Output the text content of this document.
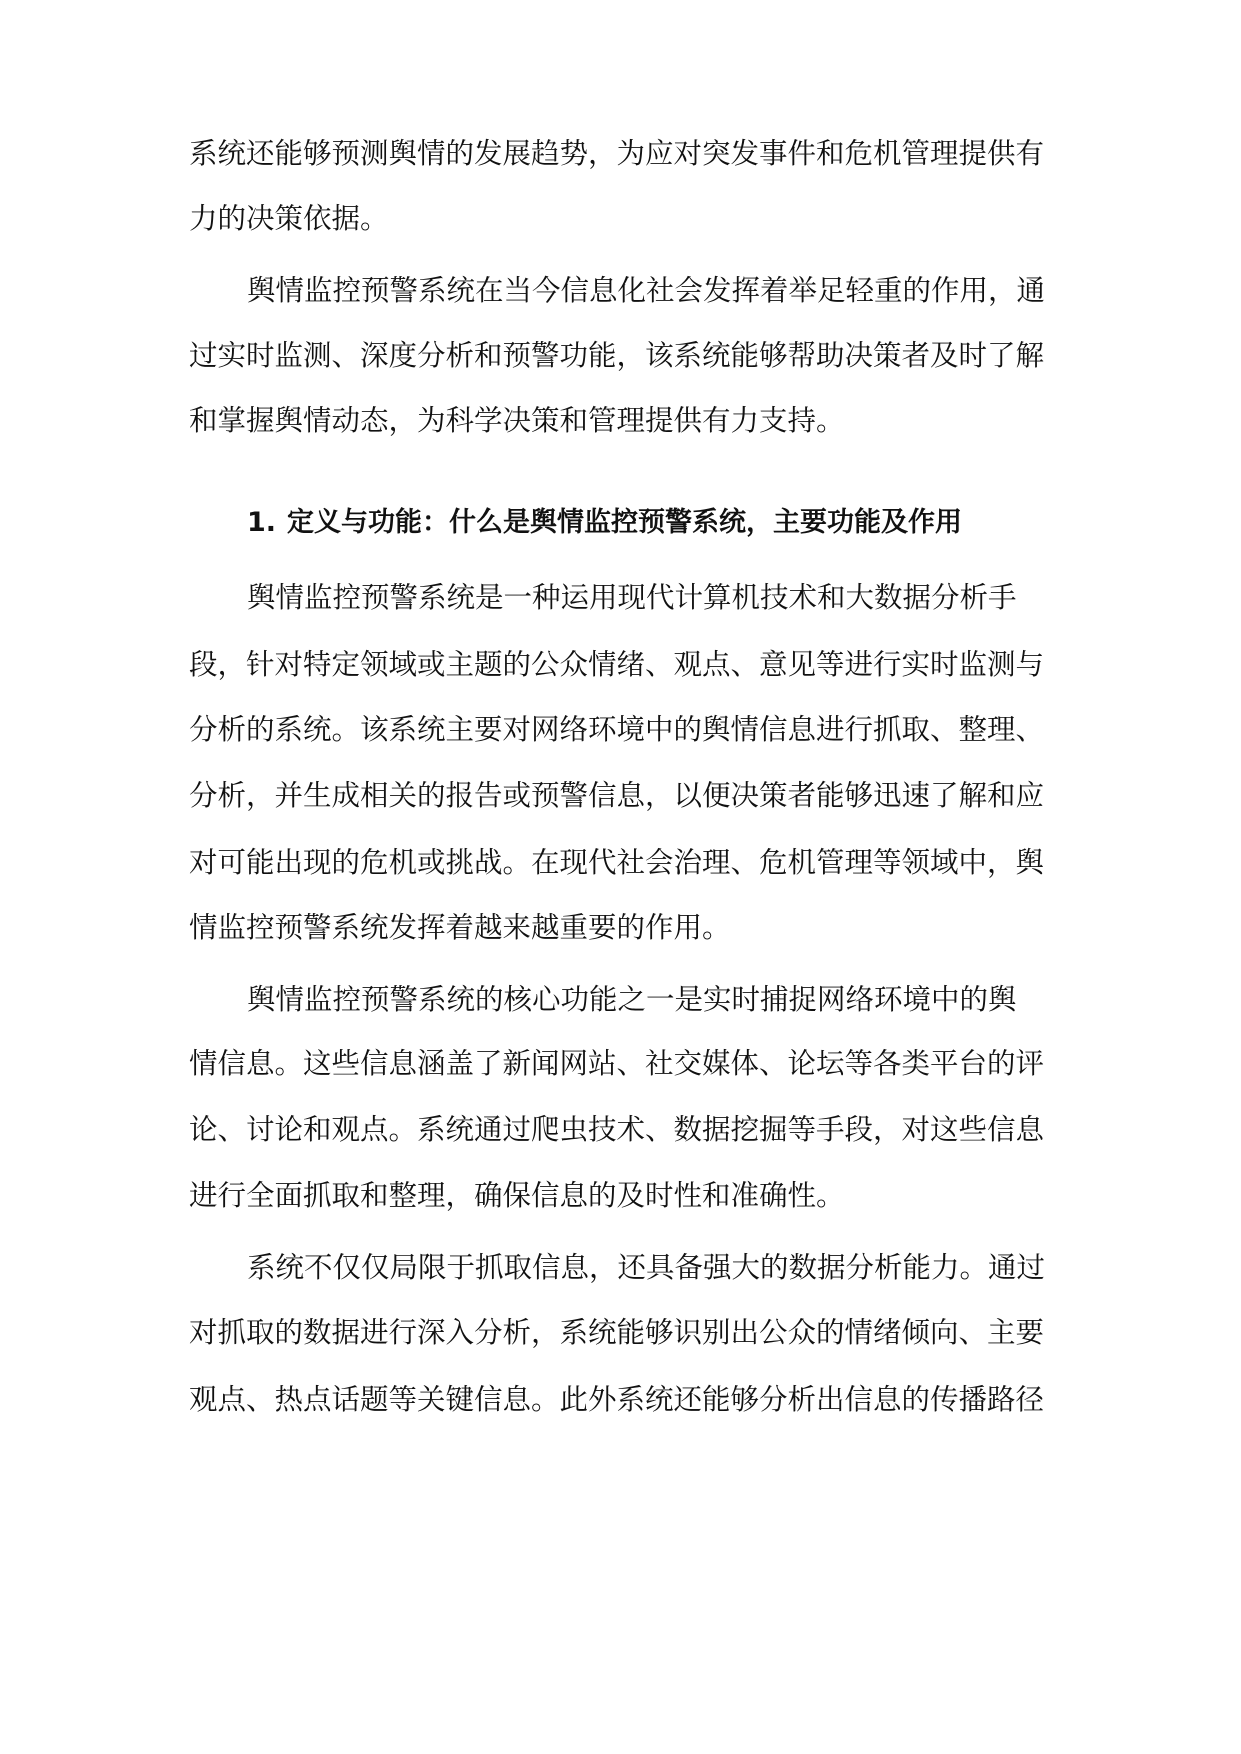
系统还能够预测舆情的发展趋势，为应对突发事件和危机管理提供有
力的决策依据。
舆情监控预警系统在当今信息化社会发挥着举足轻重的作用，通
过实时监测、深度分析和预警功能，该系统能够帮助决策者及时了解
和掌握舆情动态，为科学决策和管理提供有力支持。
1. 定义与功能：什么是舆情监控预警系统，主要功能及作用
舆情监控预警系统是一种运用现代计算机技术和大数据分析手
段，针对特定领域或主题的公众情绪、观点、意见等进行实时监测与
分析的系统。该系统主要对网络环境中的舆情信息进行抓取、整理、
分析，并生成相关的报告或预警信息，以便决策者能够迅速了解和应
对可能出现的危机或挑战。在现代社会治理、危机管理等领域中，舆
情监控预警系统发挥着越来越重要的作用。
舆情监控预警系统的核心功能之一是实时捕捉网络环境中的舆
情信息。这些信息涵盖了新闻网站、社交媒体、论坛等各类平台的评
论、讨论和观点。系统通过爬虫技术、数据挖掘等手段，对这些信息
进行全面抓取和整理，确保信息的及时性和准确性。
系统不仅仅局限于抓取信息，还具备强大的数据分析能力。通过
对抓取的数据进行深入分析，系统能够识别出公众的情绪倾向、主要
观点、热点话题等关键信息。此外系统还能够分析出信息的传播路径
